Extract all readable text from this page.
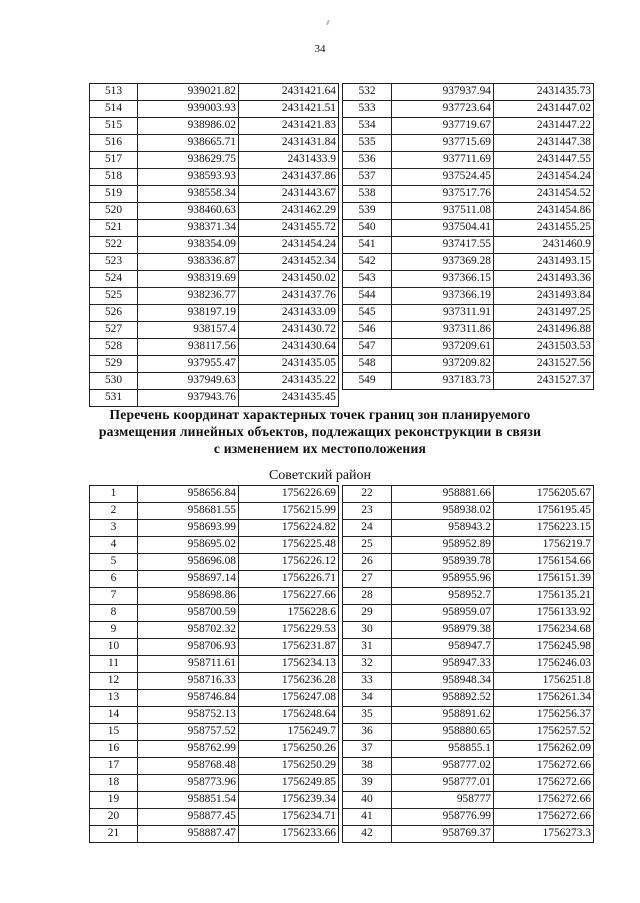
34
513	939021.82	2431421.64
514	939003.93	2431421.51
515	938986.02	2431421.83
516	938665.71	2431431.84
517	938629.75	2431433.9
518	938593.93	2431437.86
519	938558.34	2431443.67
520	938460.63	2431462.29
521	938371.34	2431455.72
522	938354.09	2431454.24
523	938336.87	2431452.34
524	938319.69	2431450.02
525	938236.77	2431437.76
526	938197.19	2431433.09
527	938157.4	2431430.72
528	938117.56	2431430.64
529	937955.47	2431435.05
530	937949.63	2431435.22
531	937943.76	2431435.45
532	937937.94	2431435.73
533	937723.64	2431447.02
534	937719.67	2431447.22
535	937715.69	2431447.38
536	937711.69	2431447.55
537	937524.45	2431454.24
538	937517.76	2431454.52
539	937511.08	2431454.86
540	937504.41	2431455.25
541	937417.55	2431460.9
542	937369.28	2431493.15
543	937366.15	2431493.36
544	937366.19	2431493.84
545	937311.91	2431497.25
546	937311.86	2431496.88
547	937209.61	2431503.53
548	937209.82	2431527.56
549	937183.73	2431527.37
Перечень координат характерных точек границ зон планируемого
размещения линейных объектов, подлежащих реконструкции в связи
с изменением их местоположения
Советский район
1	958656.84	1756226.69
2	958681.55	1756215.99
3	958693.99	1756224.82
4	958695.02	1756225.48
5	958696.08	1756226.12
6	958697.14	1756226.71
7	958698.86	1756227.66
8	958700.59	1756228.6
9	958702.32	1756229.53
10	958706.93	1756231.87
11	958711.61	1756234.13
12	958716.33	1756236.28
13	958746.84	1756247.08
14	958752.13	1756248.64
15	958757.52	1756249.7
16	958762.99	1756250.26
17	958768.48	1756250.29
18	958773.96	1756249.85
19	958851.54	1756239.34
20	958877.45	1756234.71
21	958887.47	1756233.66
22	958881.66	1756205.67
23	958938.02	1756195.45
24	958943.2	1756223.15
25	958952.89	1756219.7
26	958939.78	1756154.66
27	958955.96	1756151.39
28	958952.7	1756135.21
29	958959.07	1756133.92
30	958979.38	1756234.68
31	958947.7	1756245.98
32	958947.33	1756246.03
33	958948.34	1756251.8
34	958892.52	1756261.34
35	958891.62	1756256.37
36	958880.65	1756257.52
37	958855.1	1756262.09
38	958777.02	1756272.66
39	958777.01	1756272.66
40	958777	1756272.66
41	958776.99	1756272.66
42	958769.37	1756273.3
